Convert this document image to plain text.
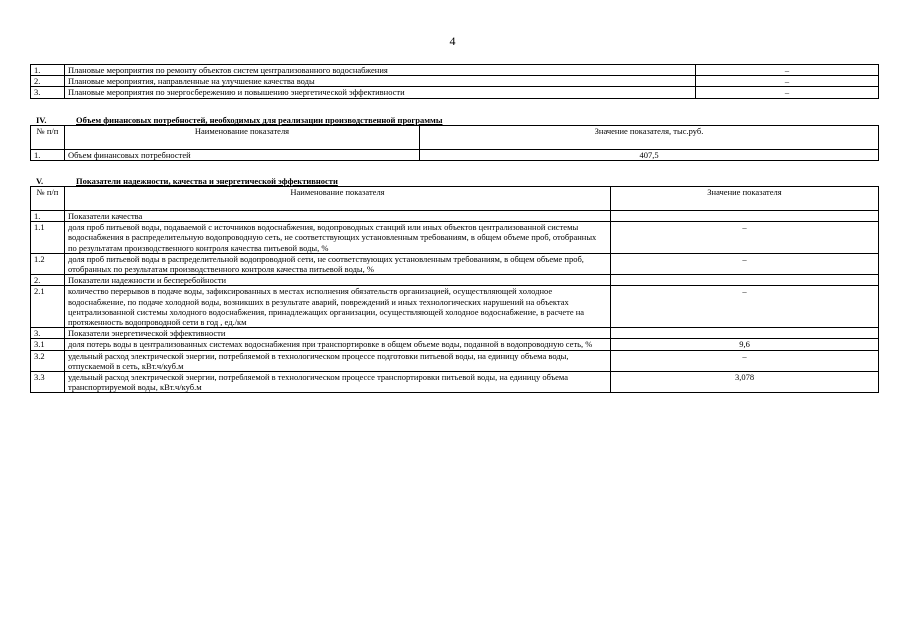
4
1.	Плановые мероприятия по ремонту объектов систем централизованного водоснабжения	–
2.	Плановые мероприятия, направленные на улучшение качества воды	–
3.	Плановые мероприятия по энергосбережению и повышению энергетической эффективности	–
IV.	Объем финансовых потребностей, необходимых для реализации производственной программы
№ п/п	Наименование показателя	Значение показателя, тыс.руб.
1.	Объем финансовых потребностей	407,5
V.	Показатели надежности, качества и энергетической эффективности
№ п/п	Наименование показателя	Значение показателя
1.	Показатели качества	
1.1	доля проб питьевой воды, подаваемой с источников водоснабжения, водопроводных станций или иных объектов централизованной системы водоснабжения в распределительную водопроводную сеть, не соответствующих установленным требованиям, в общем объеме проб, отобранных по результатам производственного контроля качества питьевой воды, %	–
1.2	доля проб питьевой воды в распределительной водопроводной сети, не соответствующих установленным требованиям, в общем объеме проб, отобранных по результатам производственного контроля качества питьевой воды, %	–
2.	Показатели надежности и бесперебойности	
2.1	количество перерывов в подаче воды, зафиксированных в местах исполнения обязательств организацией, осуществляющей холодное водоснабжение, по подаче холодной воды, возникших в результате аварий, повреждений и иных технологических нарушений на объектах централизованной системы холодного водоснабжения, принадлежащих организации, осуществляющей холодное водоснабжение, в расчете на протяженность водопроводной сети в год , ед./км	–
3.	Показатели энергетической эффективности	
3.1	доля потерь воды в централизованных системах водоснабжения при транспортировке в общем объеме воды, поданной в водопроводную сеть, %	9,6
3.2	удельный расход электрической энергии, потребляемой в технологическом процессе подготовки питьевой воды, на единицу объема воды, отпускаемой в сеть, кВт.ч/куб.м	–
3.3	удельный расход электрической энергии, потребляемой в технологическом процессе транспортировки питьевой воды, на единицу объема транспортируемой воды, кВт.ч/куб.м	3,078
